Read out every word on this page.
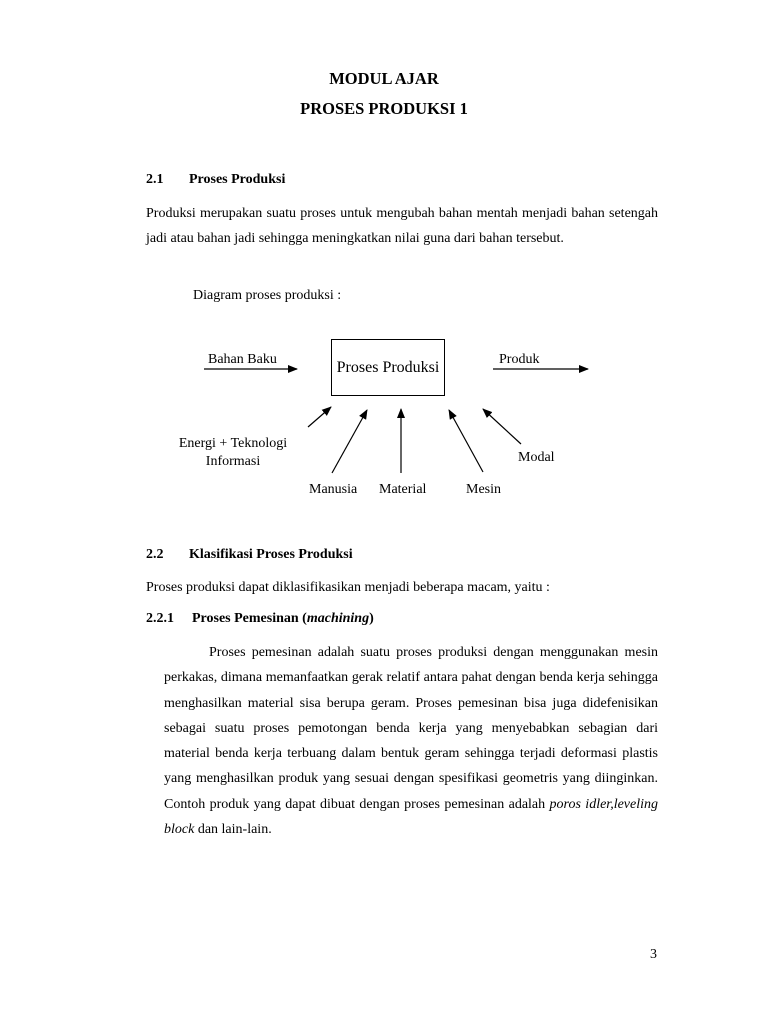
MODUL AJAR
PROSES PRODUKSI 1
2.1 Proses Produksi

Produksi merupakan suatu proses untuk mengubah bahan mentah menjadi bahan setengah jadi atau bahan jadi sehingga meningkatkan nilai guna dari bahan tersebut.

Diagram proses produksi :
Proses Produksi
Bahan Baku	Produk
Energi + Teknologi
Informasi
Manusia Material	Mesin
Modal
2.2 Klasifikasi Proses Produksi

Proses produksi dapat diklasifikasikan menjadi beberapa macam, yaitu :

2.2.1 Proses Pemesinan (machining)

Proses pemesinan adalah suatu proses produksi dengan menggunakan mesin perkakas, dimana memanfaatkan gerak relatif antara pahat dengan benda kerja sehingga menghasilkan material sisa berupa geram. Proses pemesinan bisa juga didefenisikan sebagai suatu proses pemotongan benda kerja yang menyebabkan sebagian dari material benda kerja terbuang dalam bentuk geram sehingga terjadi deformasi plastis yang menghasilkan produk yang sesuai dengan spesifikasi geometris yang diinginkan. Contoh produk yang dapat dibuat dengan proses pemesinan adalah poros idler,leveling block dan lain-lain.

3
